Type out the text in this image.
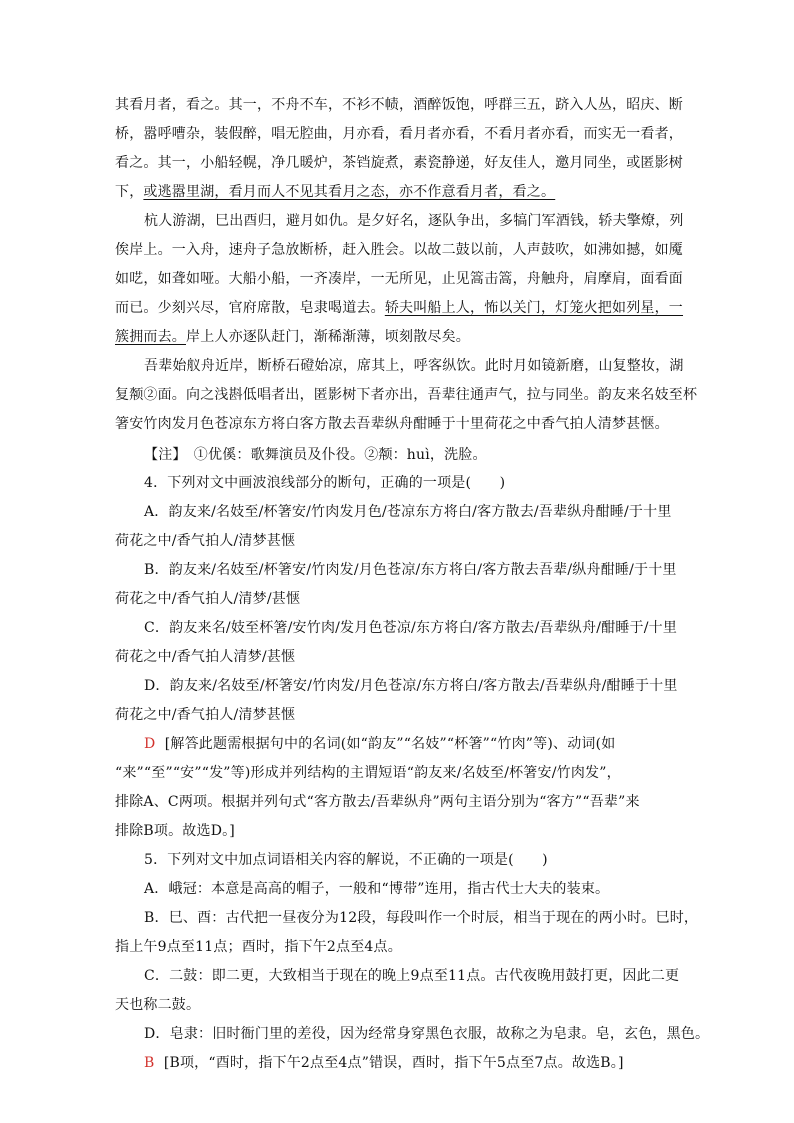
其看月者，看之。其一，不舟不车，不衫不帻，酒醉饭饱，呼群三五，跻入人丛，昭庆、断
桥，嚣呼嘈杂，装假醉，唱无腔曲，月亦看，看月者亦看，不看月者亦看，而实无一看者，
看之。其一，小船轻幌，净几暖炉，茶铛旋煮，素瓷静递，好友佳人，邀月同坐，或匿影树
下，或逃嚣里湖，看月而人不见其看月之态，亦不作意看月者，看之。
杭人游湖，巳出酉归，避月如仇。是夕好名，逐队争出，多犒门军酒钱，轿夫擎燎，列
俟岸上。一入舟，速舟子急放断桥，赶入胜会。以故二鼓以前，人声鼓吹，如沸如撼，如魇
如呓，如聋如哑。大船小船，一齐凑岸，一无所见，止见篙击篙，舟触舟，肩摩肩，面看面
而已。少刻兴尽，官府席散，皂隶喝道去。轿夫叫船上人，怖以关门，灯笼火把如列星，一
簇拥而去。岸上人亦逐队赶门，渐稀渐薄，顷刻散尽矣。
吾辈始舣舟近岸，断桥石磴始凉，席其上，呼客纵饮。此时月如镜新磨，山复整妆，湖
复颒②面。向之浅斟低唱者出，匿影树下者亦出，吾辈往通声气，拉与同坐。韵友来名妓至杯
箸安竹肉发月色苍凉东方将白客方散去吾辈纵舟酣睡于十里荷花之中香气拍人清梦甚惬。
【注】　①优傒：歌舞演员及仆役。②颒：huì，洗脸。
4．下列对文中画波浪线部分的断句，正确的一项是(　　)
A．韵友来/名妓至/杯箸安/竹肉发月色/苍凉东方将白/客方散去/吾辈纵舟酣睡/于十里
荷花之中/香气拍人/清梦甚惬
B．韵友来/名妓至/杯箸安/竹肉发/月色苍凉/东方将白/客方散去吾辈/纵舟酣睡/于十里
荷花之中/香气拍人/清梦/甚惬
C．韵友来名/妓至杯箸/安竹肉/发月色苍凉/东方将白/客方散去/吾辈纵舟/酣睡于/十里
荷花之中/香气拍人清梦/甚惬
D．韵友来/名妓至/杯箸安/竹肉发/月色苍凉/东方将白/客方散去/吾辈纵舟/酣睡于十里
荷花之中/香气拍人/清梦甚惬
D [解答此题需根据句中的名词(如“韵友”“名妓”“杯箸”“竹肉”等)、动词(如
“来”“至”“安”“发”等)形成并列结构的主谓短语“韵友来/名妓至/杯箸安/竹肉发”，
排除A、C两项。根据并列句式“客方散去/吾辈纵舟”两句主语分别为“客方”“吾辈”来
排除B项。故选D。]
5．下列对文中加点词语相关内容的解说，不正确的一项是(　　)
A．峨冠：本意是高高的帽子，一般和“博带”连用，指古代士大夫的装束。
B．巳、酉：古代把一昼夜分为12段，每段叫作一个时辰，相当于现在的两小时。巳时，
指上午9点至11点；酉时，指下午2点至4点。
C．二鼓：即二更，大致相当于现在的晚上9点至11点。古代夜晚用鼓打更，因此二更
天也称二鼓。
D．皂隶：旧时衙门里的差役，因为经常身穿黑色衣服，故称之为皂隶。皂，玄色，黑色。
B [B项，“酉时，指下午2点至4点”错误，酉时，指下午5点至7点。故选B。]
